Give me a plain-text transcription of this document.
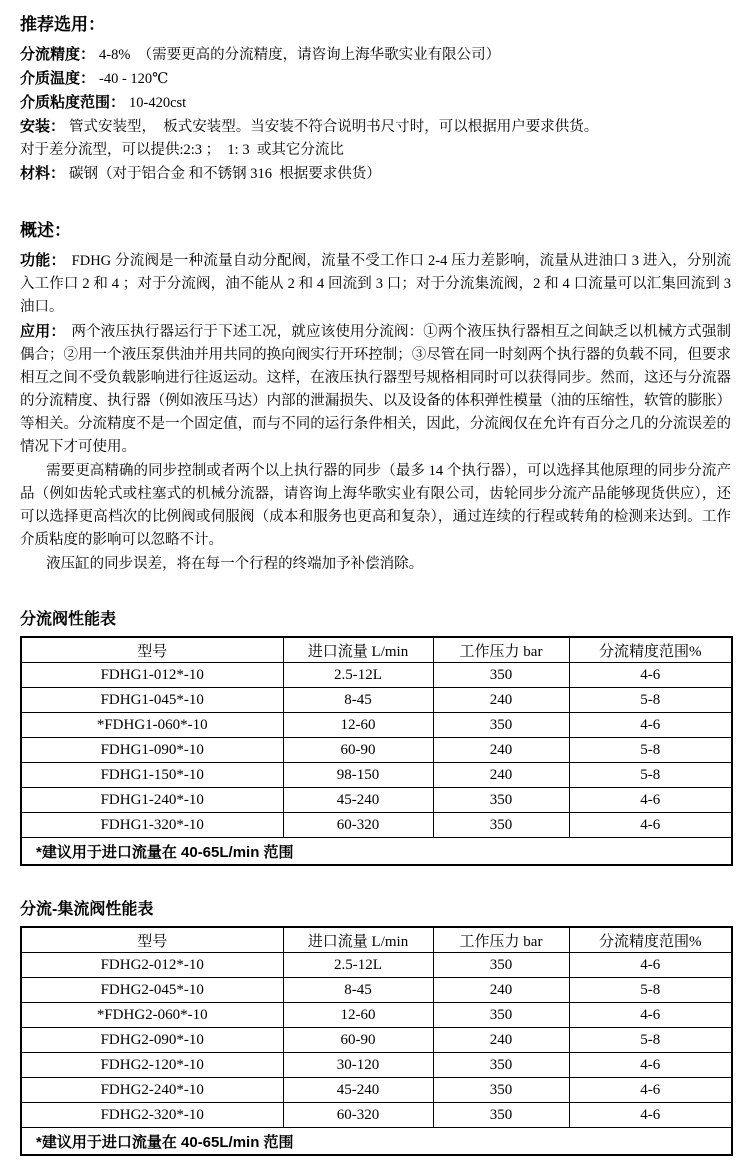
推荐选用：
分流精度： 4-8%  （需要更高的分流精度，请咨询上海华歌实业有限公司）
介质温度： -40 - 120℃
介质粘度范围： 10-420cst
安装： 管式安装型，  板式安装型。当安装不符合说明书尺寸时，可以根据用户要求供货。
对于差分流型，可以提供:2:3 ；  1: 3  或其它分流比
材料： 碳钢（对于铝合金 和不锈钢 316  根据要求供货）
概述：

功能： FDHG 分流阀是一种流量自动分配阀，流量不受工作口 2-4 压力差影响，流量从进油口 3 进入，分别流入工作口 2 和 4 ；对于分流阀，油不能从 2 和 4 回流到 3 口；对于分流集流阀，2 和 4 口流量可以汇集回流到 3 油口。

应用： 两个液压执行器运行于下述工况，就应该使用分流阀：①两个液压执行器相互之间缺乏以机械方式强制偶合；②用一个液压泵供油并用共同的换向阀实行开环控制；③尽管在同一时刻两个执行器的负载不同，但要求相互之间不受负载影响进行往返运动。这样，在液压执行器型号规格相同时可以获得同步。然而，这还与分流器的分流精度、执行器（例如液压马达）内部的泄漏损失、以及设备的体积弹性模量（油的压缩性，软管的膨胀）等相关。分流精度不是一个固定值，而与不同的运行条件相关，因此，分流阀仅在允许有百分之几的分流误差的情况下才可使用。

需要更高精确的同步控制或者两个以上执行器的同步（最多 14 个执行器），可以选择其他原理的同步分流产品（例如齿轮式或柱塞式的机械分流器，请咨询上海华歌实业有限公司，齿轮同步分流产品能够现货供应），还可以选择更高档次的比例阀或伺服阀（成本和服务也更高和复杂），通过连续的行程或转角的检测来达到。工作介质粘度的影响可以忽略不计。

液压缸的同步误差，将在每一个行程的终端加予补偿消除。

分流阀性能表
型号	进口流量 L/min	工作压力 bar	分流精度范围%
FDHG1-012*-10	2.5-12L	350	4-6
FDHG1-045*-10	8-45	240	5-8
*FDHG1-060*-10	12-60	350	4-6
FDHG1-090*-10	60-90	240	5-8
FDHG1-150*-10	98-150	240	5-8
FDHG1-240*-10	45-240	350	4-6
FDHG1-320*-10	60-320	350	4-6
*建议用于进口流量在 40-65L/min 范围			
分流-集流阀性能表
型号	进口流量 L/min	工作压力 bar	分流精度范围%
FDHG2-012*-10	2.5-12L	350	4-6
FDHG2-045*-10	8-45	240	5-8
*FDHG2-060*-10	12-60	350	4-6
FDHG2-090*-10	60-90	240	5-8
FDHG2-120*-10	30-120	350	4-6
FDHG2-240*-10	45-240	350	4-6
FDHG2-320*-10	60-320	350	4-6
*建议用于进口流量在 40-65L/min 范围			
